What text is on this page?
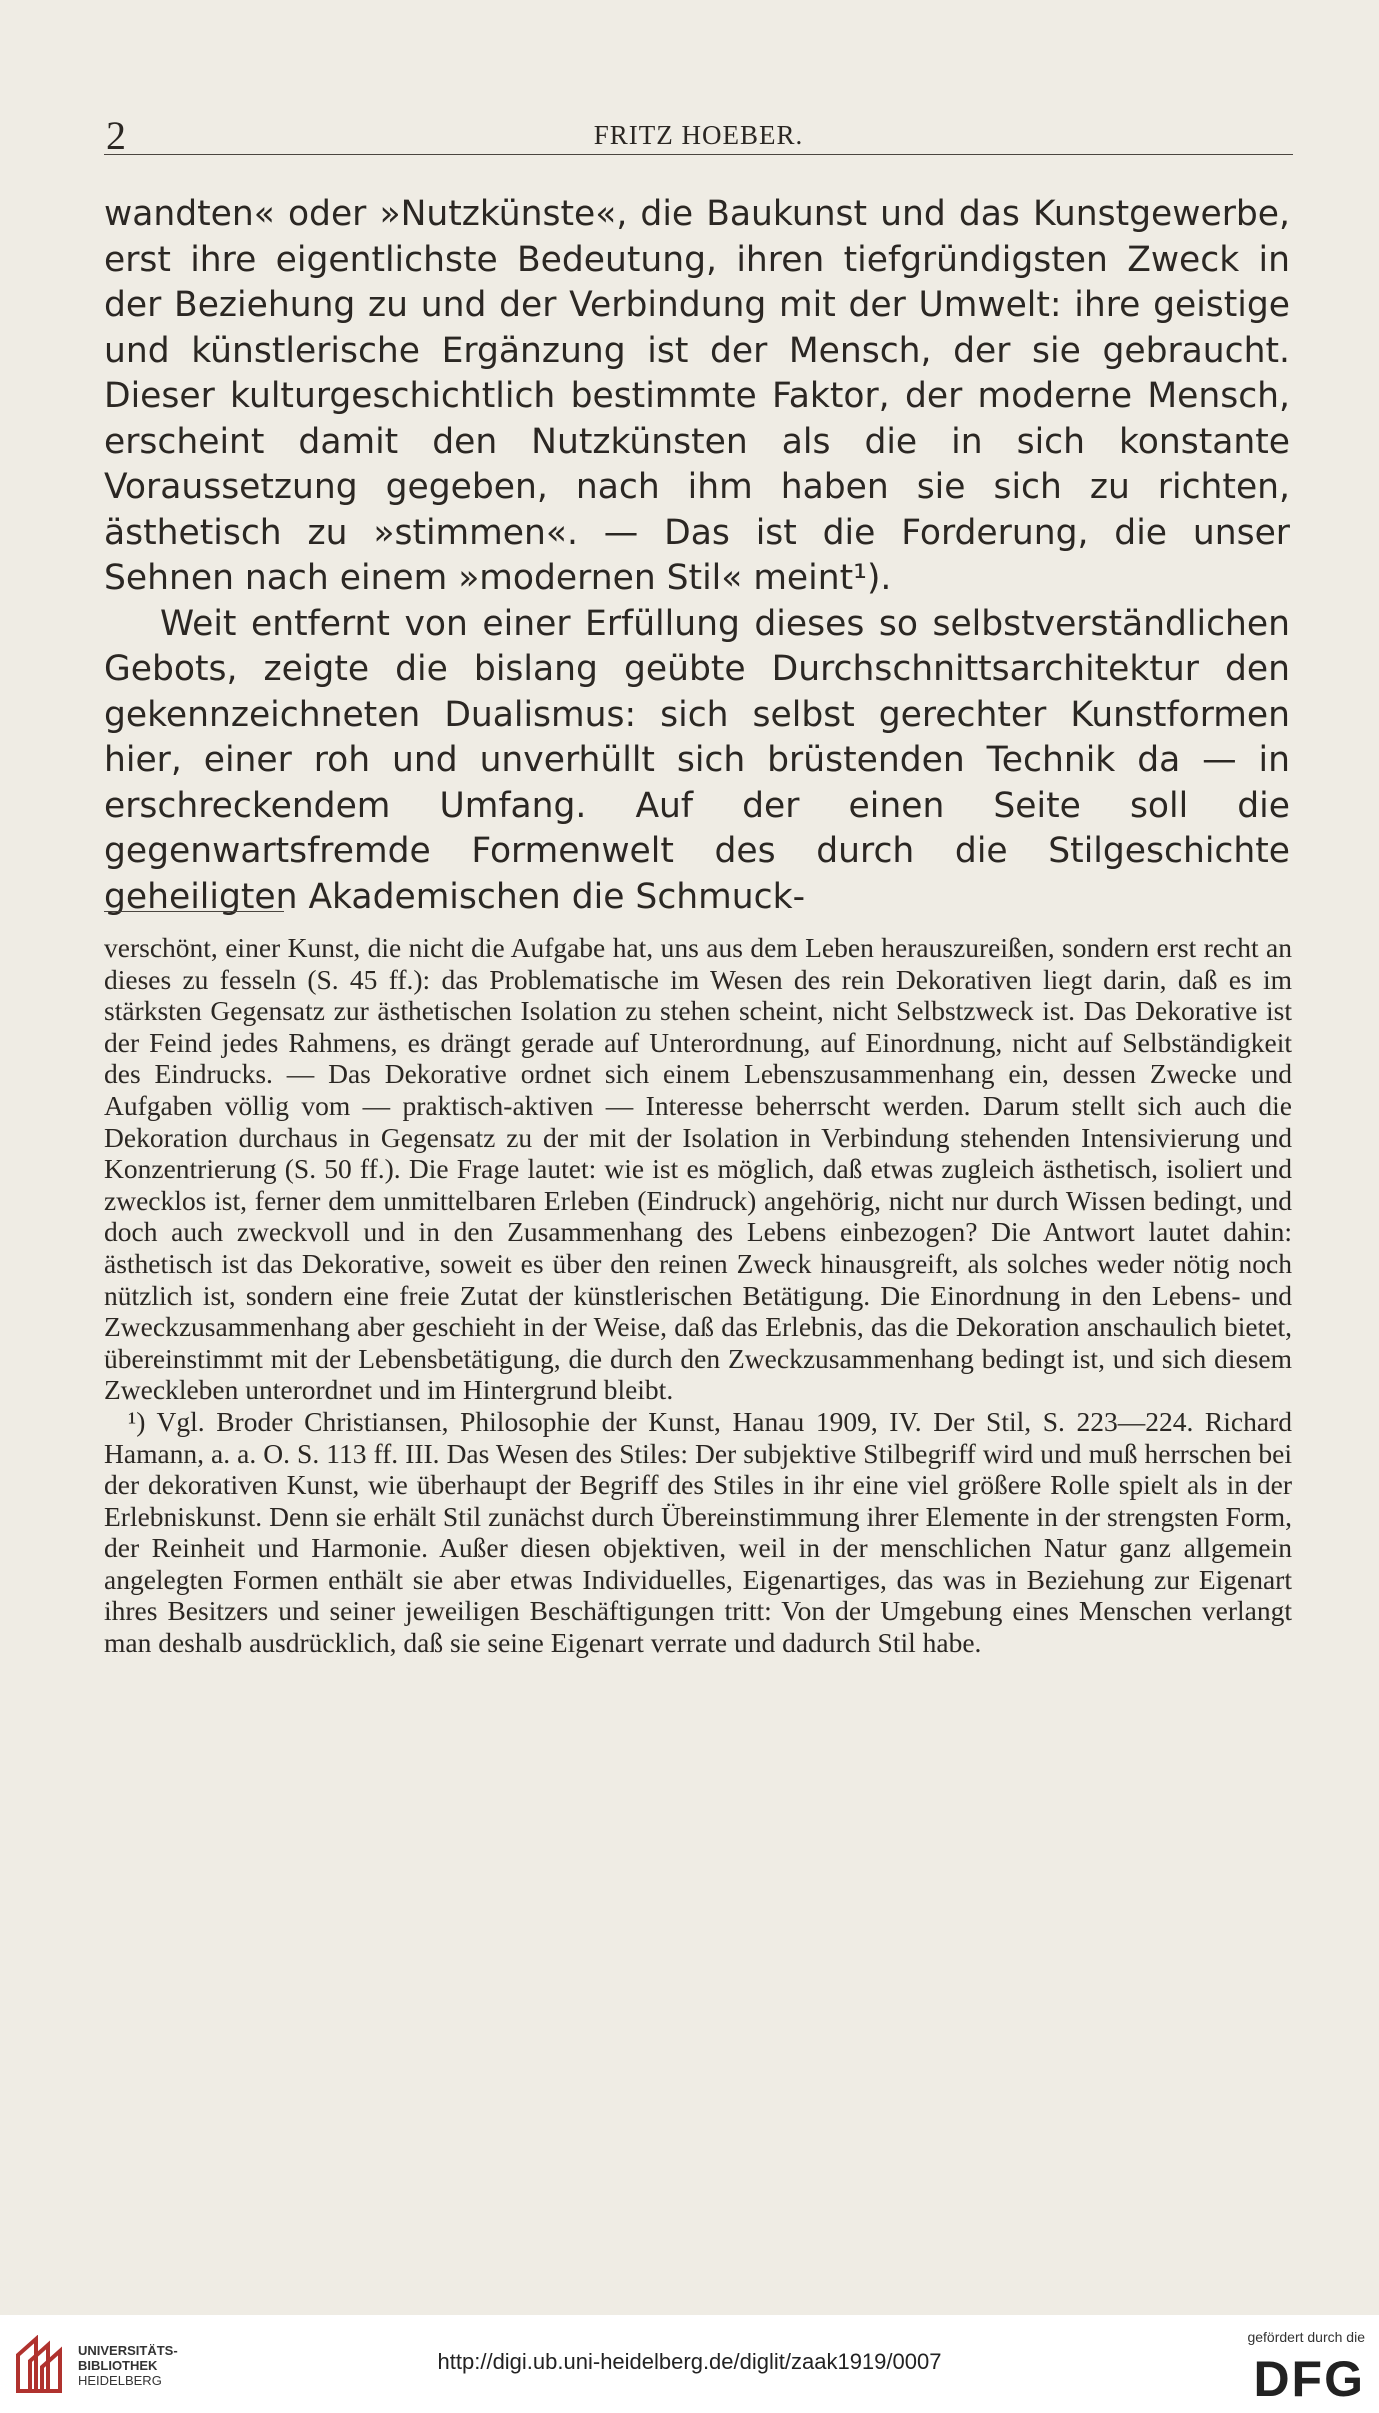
2	FRITZ HOEBER.

wandten« oder »Nutzkünste«, die Baukunst und das Kunstgewerbe, erst ihre eigentlichste Bedeutung, ihren tiefgründigsten Zweck in der Beziehung zu und der Verbindung mit der Umwelt: ihre geistige und künstlerische Ergänzung ist der Mensch, der sie gebraucht. Dieser kulturgeschichtlich bestimmte Faktor, der moderne Mensch, erscheint damit den Nutzkünsten als die in sich konstante Voraussetzung gegeben, nach ihm haben sie sich zu richten, ästhetisch zu »stimmen«. — Das ist die Forderung, die unser Sehnen nach einem »modernen Stil« meint¹).

Weit entfernt von einer Erfüllung dieses so selbstverständlichen Gebots, zeigte die bislang geübte Durchschnittsarchitektur den gekennzeichneten Dualismus: sich selbst gerechter Kunstformen hier, einer roh und unverhüllt sich brüstenden Technik da — in erschreckendem Umfang. Auf der einen Seite soll die gegenwartsfremde Formenwelt des durch die Stilgeschichte geheiligten Akademischen die Schmuck-

verschönt, einer Kunst, die nicht die Aufgabe hat, uns aus dem Leben herauszureißen, sondern erst recht an dieses zu fesseln (S. 45 ff.): das Problematische im Wesen des rein Dekorativen liegt darin, daß es im stärksten Gegensatz zur ästhetischen Isolation zu stehen scheint, nicht Selbstzweck ist. Das Dekorative ist der Feind jedes Rahmens, es drängt gerade auf Unterordnung, auf Einordnung, nicht auf Selbständigkeit des Eindrucks. — Das Dekorative ordnet sich einem Lebenszusammenhang ein, dessen Zwecke und Aufgaben völlig vom — praktisch-aktiven — Interesse beherrscht werden. Darum stellt sich auch die Dekoration durchaus in Gegensatz zu der mit der Isolation in Verbindung stehenden Intensivierung und Konzentrierung (S. 50 ff.). Die Frage lautet: wie ist es möglich, daß etwas zugleich ästhetisch, isoliert und zwecklos ist, ferner dem unmittelbaren Erleben (Eindruck) angehörig, nicht nur durch Wissen bedingt, und doch auch zweckvoll und in den Zusammenhang des Lebens einbezogen? Die Antwort lautet dahin: ästhetisch ist das Dekorative, soweit es über den reinen Zweck hinausgreift, als solches weder nötig noch nützlich ist, sondern eine freie Zutat der künstlerischen Betätigung. Die Einordnung in den Lebens- und Zweckzusammenhang aber geschieht in der Weise, daß das Erlebnis, das die Dekoration anschaulich bietet, übereinstimmt mit der Lebensbetätigung, die durch den Zweckzusammenhang bedingt ist, und sich diesem Zweckleben unterordnet und im Hintergrund bleibt.

¹) Vgl. Broder Christiansen, Philosophie der Kunst, Hanau 1909, IV. Der Stil, S. 223—224. Richard Hamann, a. a. O. S. 113 ff. III. Das Wesen des Stiles: Der subjektive Stilbegriff wird und muß herrschen bei der dekorativen Kunst, wie überhaupt der Begriff des Stiles in ihr eine viel größere Rolle spielt als in der Erlebniskunst. Denn sie erhält Stil zunächst durch Übereinstimmung ihrer Elemente in der strengsten Form, der Reinheit und Harmonie. Außer diesen objektiven, weil in der menschlichen Natur ganz allgemein angelegten Formen enthält sie aber etwas Individuelles, Eigenartiges, das was in Beziehung zur Eigenart ihres Besitzers und seiner jeweiligen Beschäftigungen tritt: Von der Umgebung eines Menschen verlangt man deshalb ausdrücklich, daß sie seine Eigenart verrate und dadurch Stil habe.

UNIVERSITÄTS-
BIBLIOTHEK
HEIDELBERG
http://digi.ub.uni-heidelberg.de/diglit/zaak1919/0007
gefördert durch die
DFG
